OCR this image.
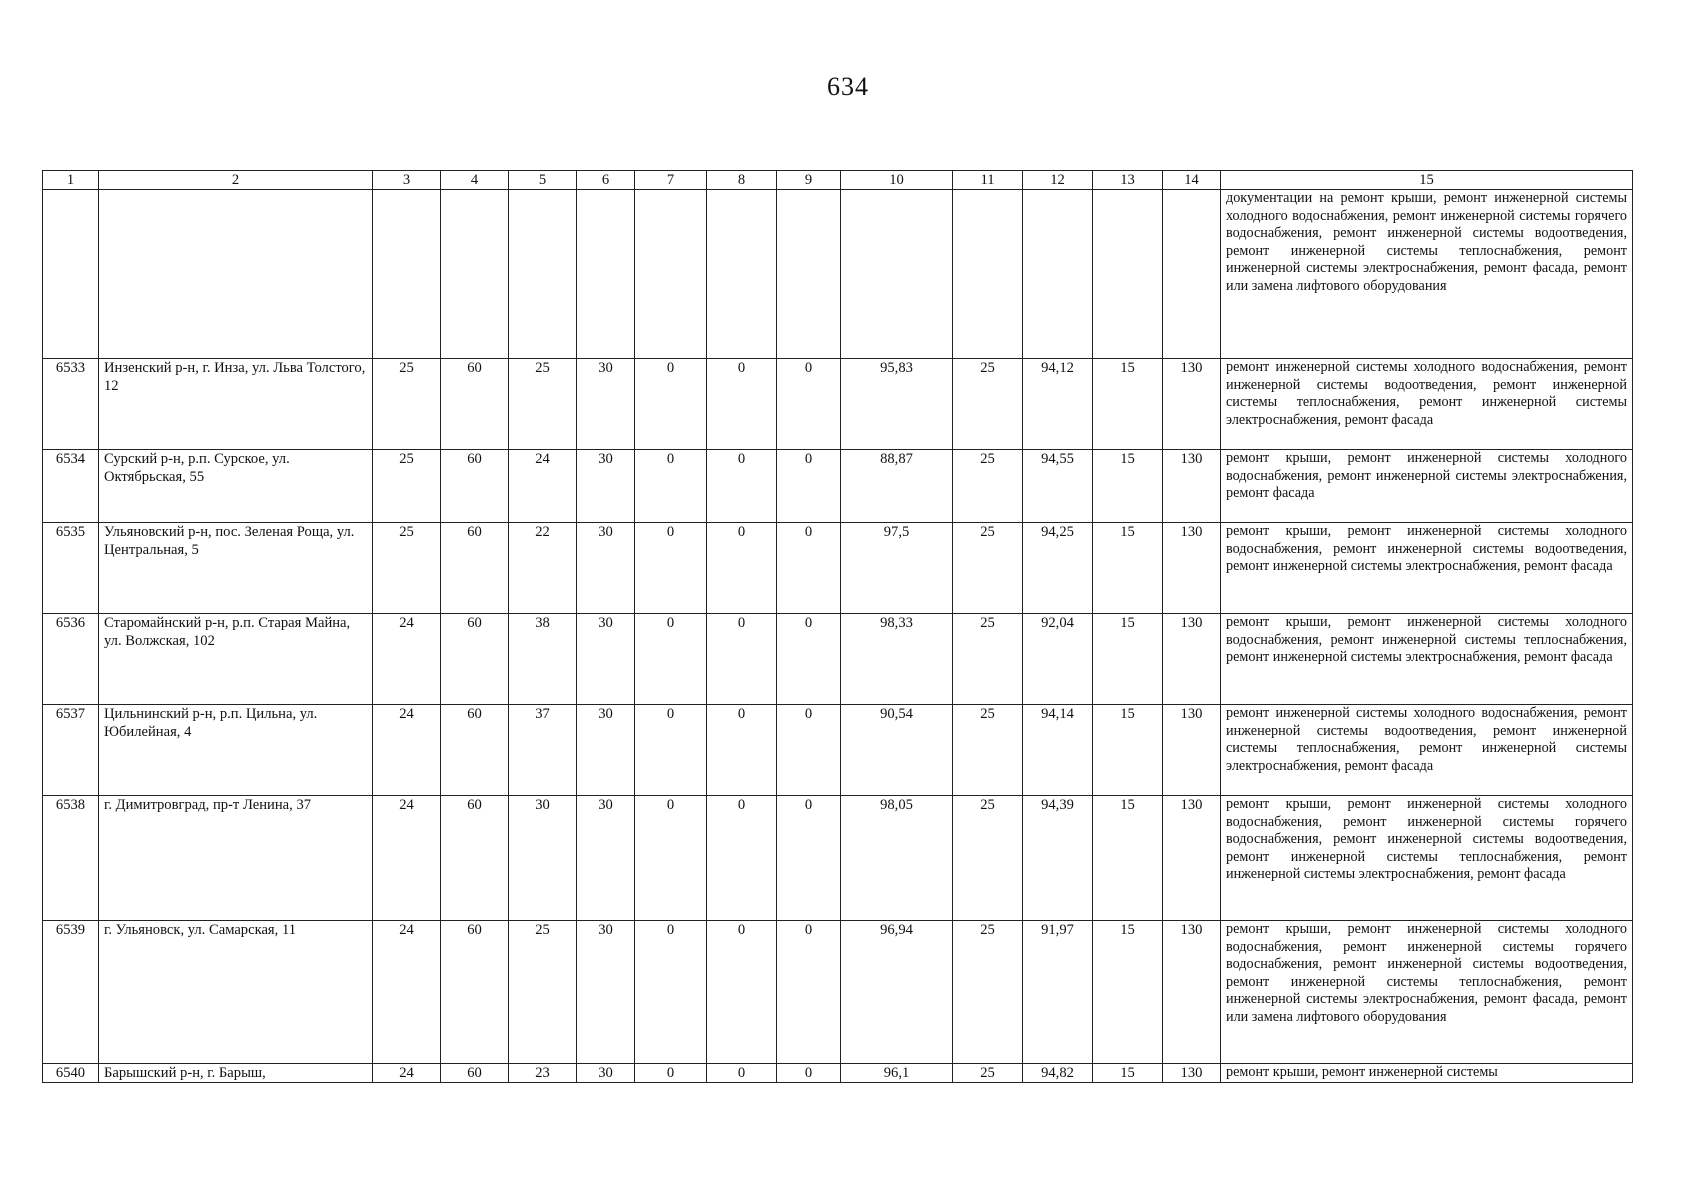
634
1	2	3	4	5	6	7	8	9	10	11	12	13	14	15
														документации на ремонт крыши, ремонт инженерной системы холодного водоснабжения, ремонт инженерной системы горячего водоснабжения, ремонт инженерной системы водоотведения, ремонт инженерной системы теплоснабжения, ремонт инженерной системы электроснабжения, ремонт фасада, ремонт или замена лифтового оборудования
6533	Инзенский р-н, г. Инза, ул. Льва Толстого, 12	25	60	25	30	0	0	0	95,83	25	94,12	15	130	ремонт инженерной системы холодного водоснабжения, ремонт инженерной системы водоотведения, ремонт инженерной системы теплоснабжения, ремонт инженерной системы электроснабжения, ремонт фасада
6534	Сурский р-н, р.п. Сурское, ул. Октябрьская, 55	25	60	24	30	0	0	0	88,87	25	94,55	15	130	ремонт крыши, ремонт инженерной системы холодного водоснабжения, ремонт инженерной системы электроснабжения, ремонт фасада
6535	Ульяновский р-н, пос. Зеленая Роща, ул. Центральная, 5	25	60	22	30	0	0	0	97,5	25	94,25	15	130	ремонт крыши, ремонт инженерной системы холодного водоснабжения, ремонт инженерной системы водоотведения, ремонт инженерной системы электроснабжения, ремонт фасада
6536	Старомайнский р-н, р.п. Старая Майна, ул. Волжская, 102	24	60	38	30	0	0	0	98,33	25	92,04	15	130	ремонт крыши, ремонт инженерной системы холодного водоснабжения, ремонт инженерной системы теплоснабжения, ремонт инженерной системы электроснабжения, ремонт фасада
6537	Цильнинский р-н, р.п. Цильна, ул. Юбилейная, 4	24	60	37	30	0	0	0	90,54	25	94,14	15	130	ремонт инженерной системы холодного водоснабжения, ремонт инженерной системы водоотведения, ремонт инженерной системы теплоснабжения, ремонт инженерной системы электроснабжения, ремонт фасада
6538	г. Димитровград, пр-т Ленина, 37	24	60	30	30	0	0	0	98,05	25	94,39	15	130	ремонт крыши, ремонт инженерной системы холодного водоснабжения, ремонт инженерной системы горячего водоснабжения, ремонт инженерной системы водоотведения, ремонт инженерной системы теплоснабжения, ремонт инженерной системы электроснабжения, ремонт фасада
6539	г. Ульяновск, ул. Самарская, 11	24	60	25	30	0	0	0	96,94	25	91,97	15	130	ремонт крыши, ремонт инженерной системы холодного водоснабжения, ремонт инженерной системы горячего водоснабжения, ремонт инженерной системы водоотведения, ремонт инженерной системы теплоснабжения, ремонт инженерной системы электроснабжения, ремонт фасада, ремонт или замена лифтового оборудования
6540	Барышский р-н, г. Барыш,	24	60	23	30	0	0	0	96,1	25	94,82	15	130	ремонт крыши, ремонт инженерной системы
